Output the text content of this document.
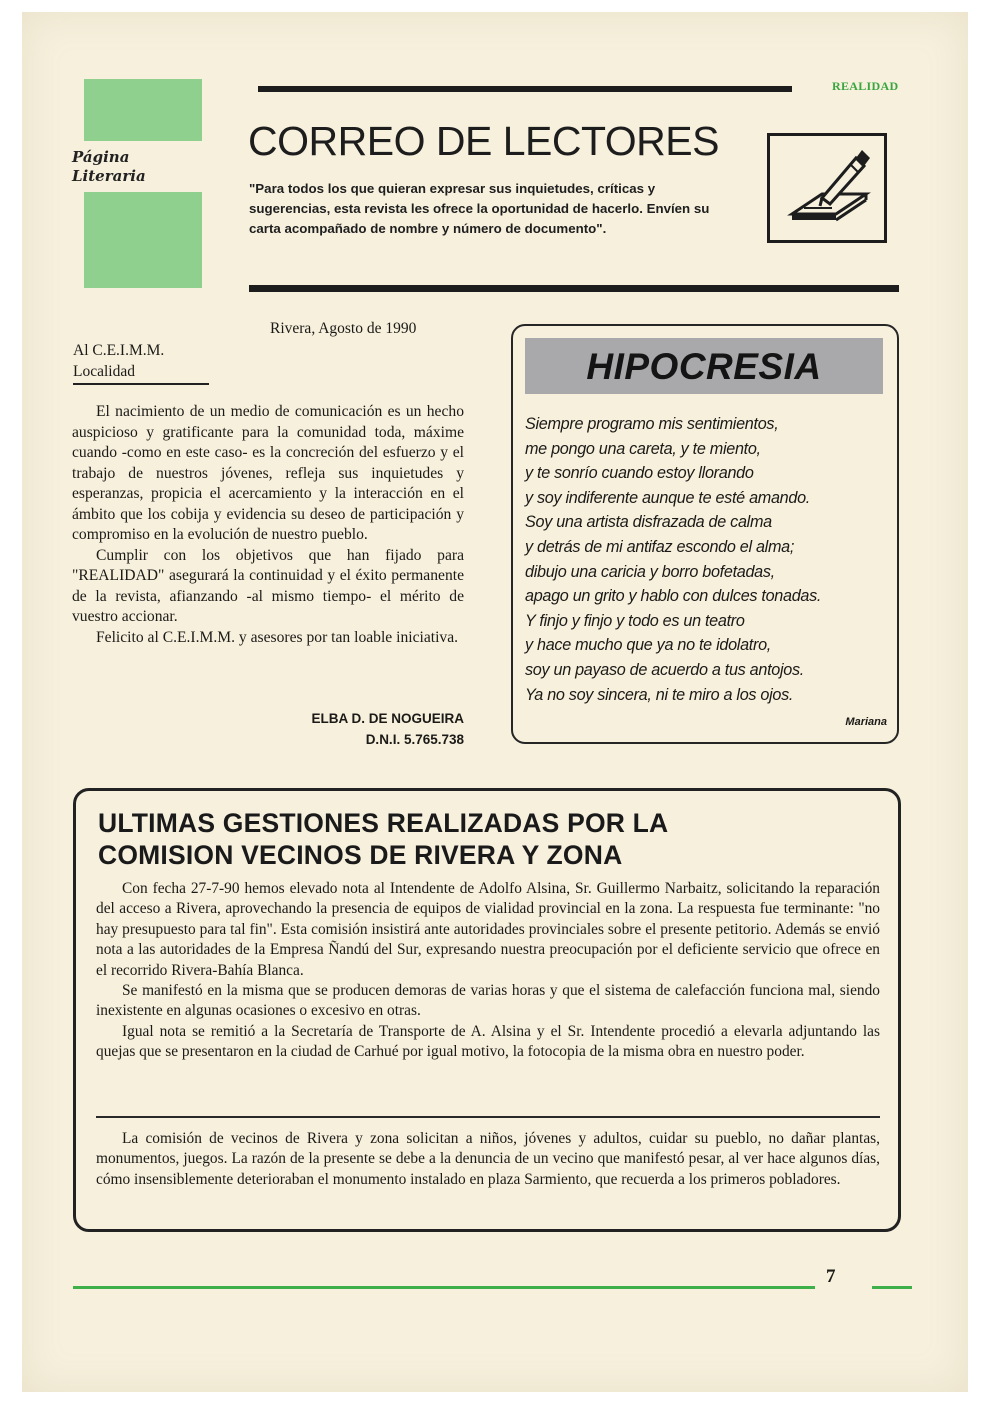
Página
Literaria
REALIDAD
CORREO DE LECTORES
"Para todos los que quieran expresar sus inquietudes, críticas y sugerencias, esta revista les ofrece la oportunidad de hacerlo. Envíen su carta acompañado de nombre y número de documento".
Rivera, Agosto de 1990
Al C.E.I.M.M.
Localidad

El nacimiento de un medio de comunicación es un hecho auspicioso y gratificante para la comunidad toda, máxime cuando -como en este caso- es la concreción del esfuerzo y el trabajo de nuestros jóvenes, refleja sus inquietudes y esperanzas, propicia el acercamiento y la interacción en el ámbito que los cobija y evidencia su deseo de participación y compromiso en la evolución de nuestro pueblo.

Cumplir con los objetivos que han fijado para "REALIDAD" asegurará la continuidad y el éxito permanente de la revista, afianzando -al mismo tiempo- el mérito de vuestro accionar.

Felicito al C.E.I.M.M. y asesores por tan loable iniciativa.

ELBA D. DE NOGUEIRA
D.N.I. 5.765.738
HIPOCRESIA
Siempre programo mis sentimientos,
me pongo una careta, y te miento,
y te sonrío cuando estoy llorando
y soy indiferente aunque te esté amando.
Soy una artista disfrazada de calma
y detrás de mi antifaz escondo el alma;
dibujo una caricia y borro bofetadas,
apago un grito y hablo con dulces tonadas.
Y finjo y finjo y todo es un teatro
y hace mucho que ya no te idolatro,
soy un payaso de acuerdo a tus antojos.
Ya no soy sincera, ni te miro a los ojos.
Mariana
ULTIMAS GESTIONES REALIZADAS POR LA
COMISION VECINOS DE RIVERA Y ZONA

Con fecha 27-7-90 hemos elevado nota al Intendente de Adolfo Alsina, Sr. Guillermo Narbaitz, solicitando la reparación del acceso a Rivera, aprovechando la presencia de equipos de vialidad provincial en la zona. La respuesta fue terminante: "no hay presupuesto para tal fin". Esta comisión insistirá ante autoridades provinciales sobre el presente petitorio. Además se envió nota a las autoridades de la Empresa Ñandú del Sur, expresando nuestra preocupación por el deficiente servicio que ofrece en el recorrido Rivera-Bahía Blanca.

Se manifestó en la misma que se producen demoras de varias horas y que el sistema de calefacción funciona mal, siendo inexistente en algunas ocasiones o excesivo en otras.

Igual nota se remitió a la Secretaría de Transporte de A. Alsina y el Sr. Intendente procedió a elevarla adjuntando las quejas que se presentaron en la ciudad de Carhué por igual motivo, la fotocopia de la misma obra en nuestro poder.

La comisión de vecinos de Rivera y zona solicitan a niños, jóvenes y adultos, cuidar su pueblo, no dañar plantas, monumentos, juegos. La razón de la presente se debe a la denuncia de un vecino que manifestó pesar, al ver hace algunos días, cómo insensiblemente deterioraban el monumento instalado en plaza Sarmiento, que recuerda a los primeros pobladores.

7
